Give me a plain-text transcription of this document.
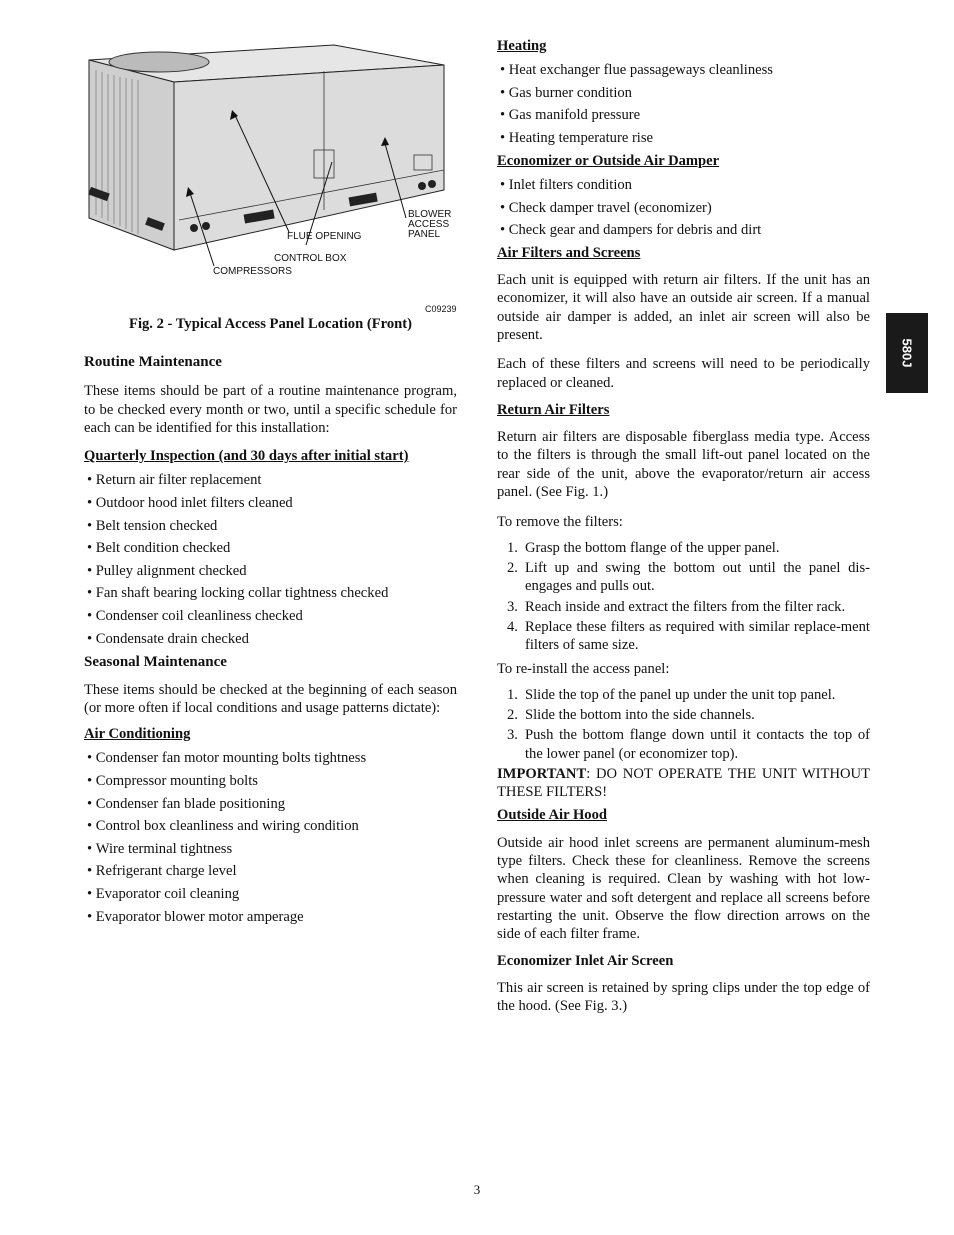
BLOWER
ACCESS
PANEL
FLUE OPENING
CONTROL BOX
COMPRESSORS
C09239
Fig. 2 - Typical Access Panel Location (Front)
Routine Maintenance

These items should be part of a routine maintenance program, to be checked every month or two, until a specific schedule for each can be identified for this installation:

Quarterly Inspection (and 30 days after initial start)
• Return air filter replacement
• Outdoor hood inlet filters cleaned
• Belt tension checked
• Belt condition checked
• Pulley alignment checked
• Fan shaft bearing locking collar tightness checked
• Condenser coil cleanliness checked
• Condensate drain checked
Seasonal Maintenance

These items should be checked at the beginning of each season (or more often if local conditions and usage patterns dictate):

Air Conditioning
• Condenser fan motor mounting bolts tightness
• Compressor mounting bolts
• Condenser fan blade positioning
• Control box cleanliness and wiring condition
• Wire terminal tightness
• Refrigerant charge level
• Evaporator coil cleaning
• Evaporator blower motor amperage
Heating
• Heat exchanger flue passageways cleanliness
• Gas burner condition
• Gas manifold pressure
• Heating temperature rise
Economizer or Outside Air Damper
• Inlet filters condition
• Check damper travel (economizer)
• Check gear and dampers for debris and dirt
Air Filters and Screens

Each unit is equipped with return air filters. If the unit has an economizer, it will also have an outside air screen. If a manual outside air damper is added, an inlet air screen will also be present.

Each of these filters and screens will need to be periodically replaced or cleaned.

Return Air Filters

Return air filters are disposable fiberglass media type. Access to the filters is through the small lift-out panel located on the rear side of the unit, above the evaporator/return air access panel. (See Fig. 1.)

To remove the filters:

1. Grasp the bottom flange of the upper panel.
2. Lift up and swing the bottom out until the panel dis-engages and pulls out.
3. Reach inside and extract the filters from the filter rack.
4. Replace these filters as required with similar replace-ment filters of same size.

To re-install the access panel:

1. Slide the top of the panel up under the unit top panel.
2. Slide the bottom into the side channels.
3. Push the bottom flange down until it contacts the top of the lower panel (or economizer top).

IMPORTANT: DO NOT OPERATE THE UNIT WITHOUT THESE FILTERS!

Outside Air Hood

Outside air hood inlet screens are permanent aluminum-mesh type filters. Check these for cleanliness. Remove the screens when cleaning is required. Clean by washing with hot low-pressure water and soft detergent and replace all screens before restarting the unit. Observe the flow direction arrows on the side of each filter frame.

Economizer Inlet Air Screen

This air screen is retained by spring clips under the top edge of the hood. (See Fig. 3.)

580J
3
